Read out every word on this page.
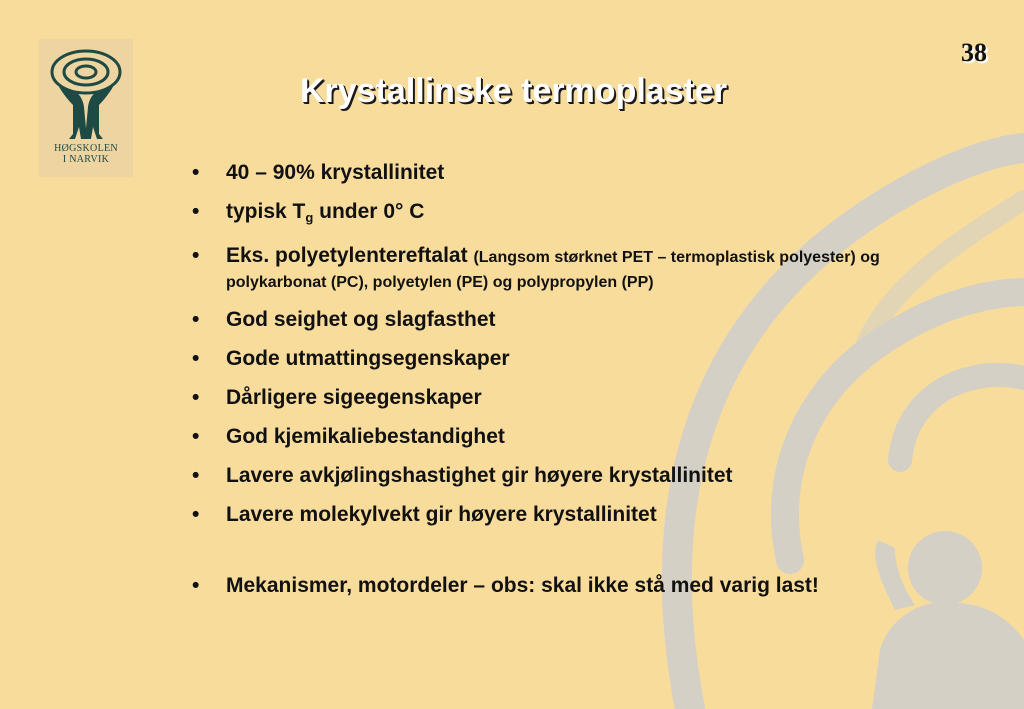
HØGSKOLEN
I NARVIK
38
Krystallinske termoplaster
• 40 – 90% krystallinitet
• typisk $T_g$ under 0° C
• Eks. polyetylentereftalat (Langsom størknet PET – termoplastisk polyester) og polykarbonat (PC), polyetylen (PE) og polypropylen (PP)
• God seighet og slagfasthet
• Gode utmattingsegenskaper
• Dårligere sigeegenskaper
• God kjemikaliebestandighet
• Lavere avkjølingshastighet gir høyere krystallinitet
• Lavere molekylvekt gir høyere krystallinitet
• Mekanismer, motordeler – obs: skal ikke stå med varig last!
